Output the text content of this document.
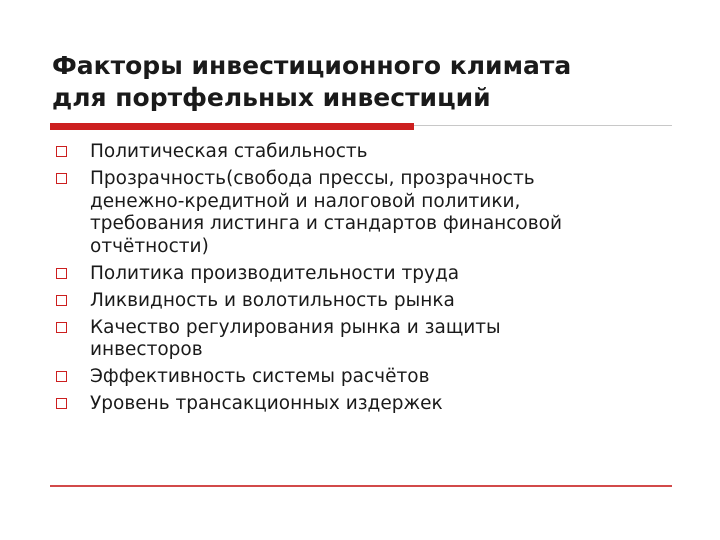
Факторы инвестиционного климата
для портфельных инвестиций
Политическая стабильность
Прозрачность(свобода прессы, прозрачность
денежно-кредитной и налоговой политики,
требования листинга и стандартов финансовой
отчётности)
Политика производительности труда
Ликвидность и волотильность рынка
Качество регулирования рынка и защиты
инвесторов
Эффективность системы расчётов
Уровень трансакционных издержек
